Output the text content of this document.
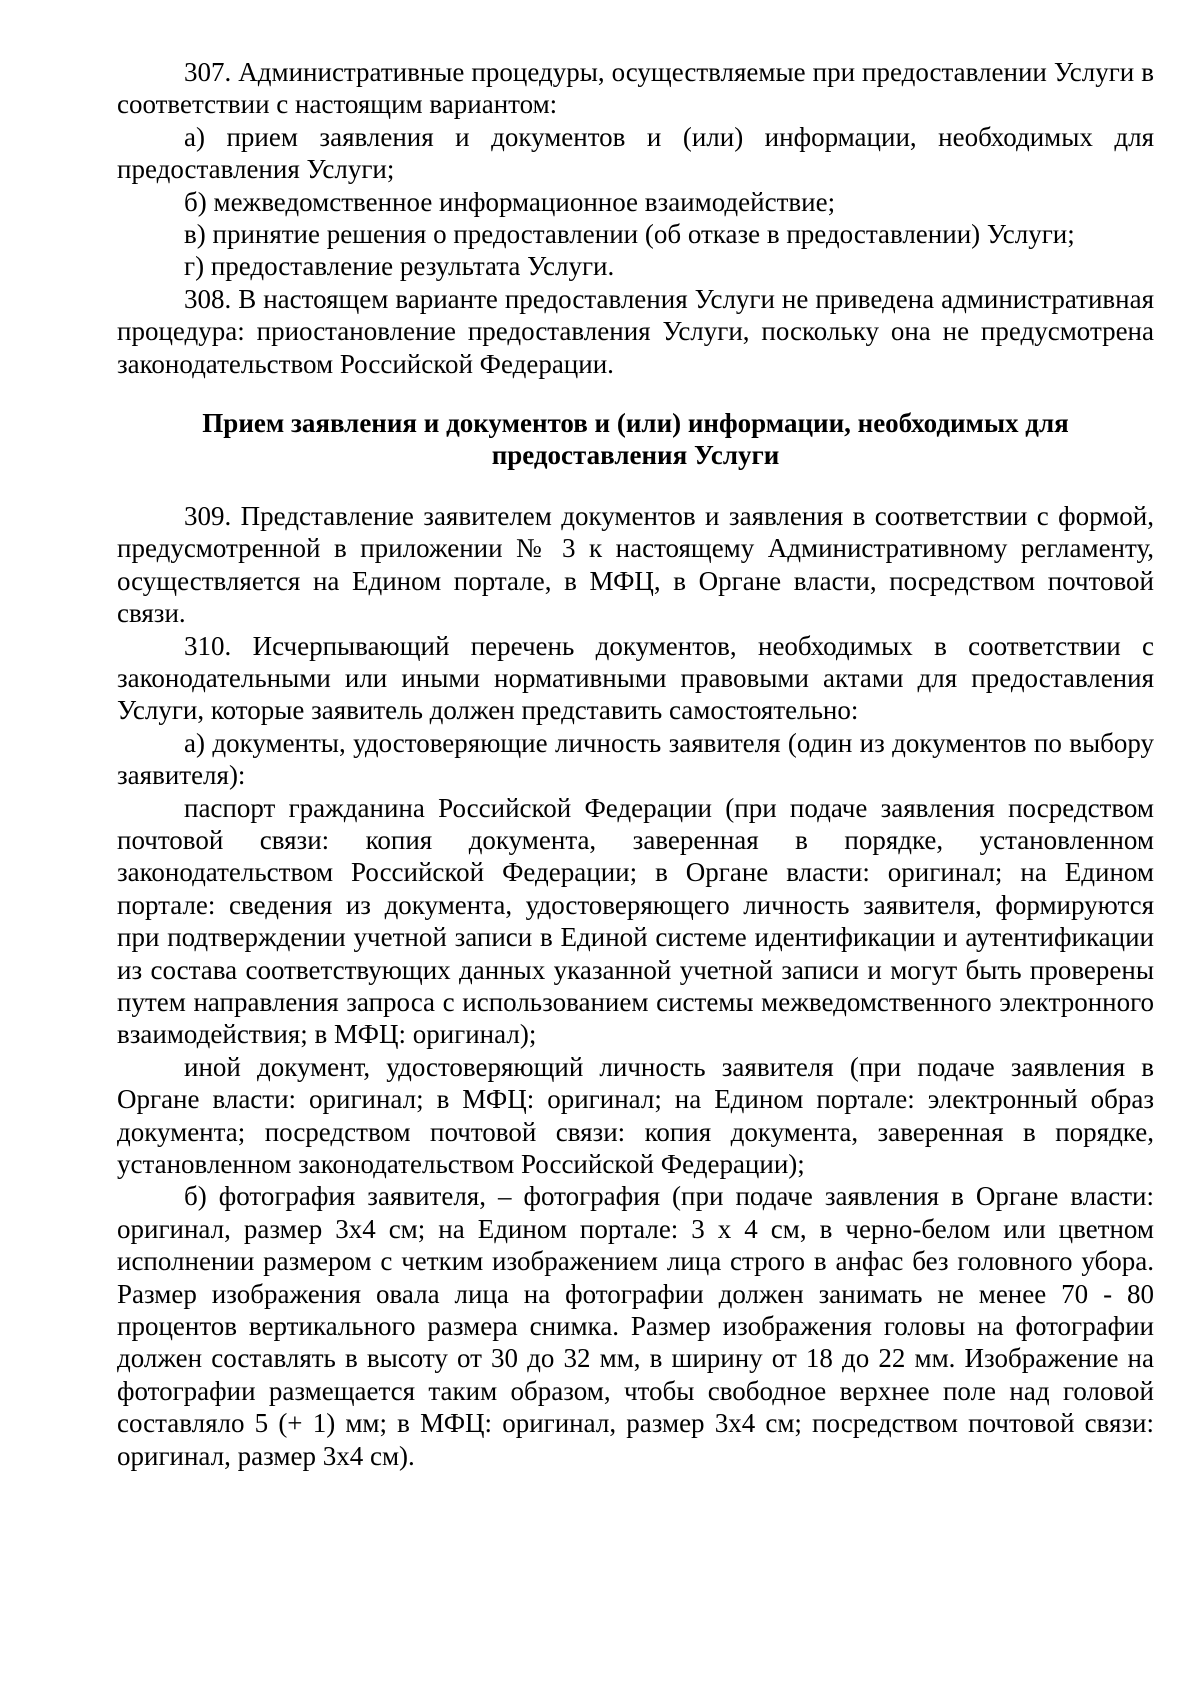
307. Административные процедуры, осуществляемые при предоставлении Услуги в соответствии с настоящим вариантом:

а) прием заявления и документов и (или) информации, необходимых для предоставления Услуги;

б) межведомственное информационное взаимодействие;

в) принятие решения о предоставлении (об отказе в предоставлении) Услуги;

г) предоставление результата Услуги.

308. В настоящем варианте предоставления Услуги не приведена административная процедура: приостановление предоставления Услуги, поскольку она не предусмотрена законодательством Российской Федерации.

Прием заявления и документов и (или) информации, необходимых для предоставления Услуги

309. Представление заявителем документов и заявления в соответствии с формой, предусмотренной в приложении № 3 к настоящему Административному регламенту, осуществляется на Едином портале, в МФЦ, в Органе власти, посредством почтовой связи.

310. Исчерпывающий перечень документов, необходимых в соответствии с законодательными или иными нормативными правовыми актами для предоставления Услуги, которые заявитель должен представить самостоятельно:

а) документы, удостоверяющие личность заявителя (один из документов по выбору заявителя):

паспорт гражданина Российской Федерации (при подаче заявления посредством почтовой связи: копия документа, заверенная в порядке, установленном законодательством Российской Федерации; в Органе власти: оригинал; на Едином портале: сведения из документа, удостоверяющего личность заявителя, формируются при подтверждении учетной записи в Единой системе идентификации и аутентификации из состава соответствующих данных указанной учетной записи и могут быть проверены путем направления запроса с использованием системы межведомственного электронного взаимодействия; в МФЦ: оригинал);

иной документ, удостоверяющий личность заявителя (при подаче заявления в Органе власти: оригинал; в МФЦ: оригинал; на Едином портале: электронный образ документа; посредством почтовой связи: копия документа, заверенная в порядке, установленном законодательством Российской Федерации);

б) фотография заявителя, – фотография (при подаче заявления в Органе власти: оригинал, размер 3x4 см; на Едином портале: 3 x 4 см, в черно-белом или цветном исполнении размером с четким изображением лица строго в анфас без головного убора. Размер изображения овала лица на фотографии должен занимать не менее 70 - 80 процентов вертикального размера снимка. Размер изображения головы на фотографии должен составлять в высоту от 30 до 32 мм, в ширину от 18 до 22 мм. Изображение на фотографии размещается таким образом, чтобы свободное верхнее поле над головой составляло 5 (+ 1) мм; в МФЦ: оригинал, размер 3x4 см; посредством почтовой связи: оригинал, размер 3x4 см).
